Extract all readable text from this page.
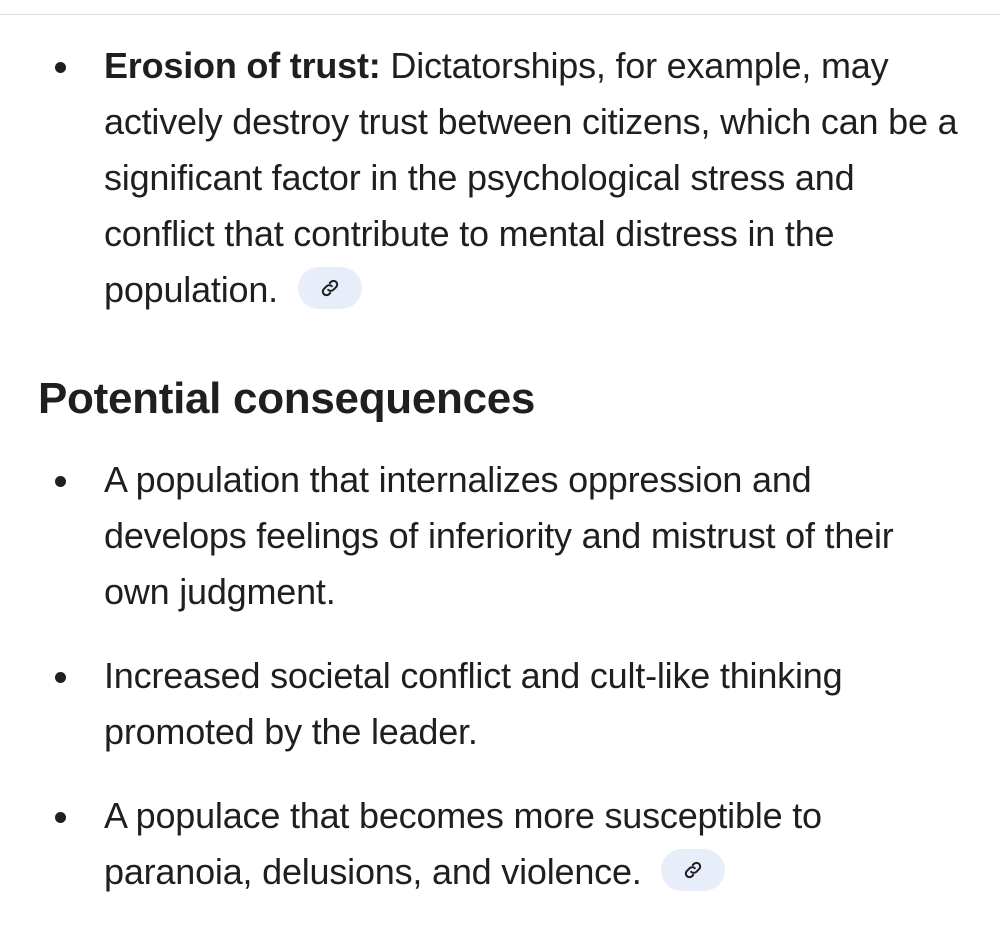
Erosion of trust: Dictatorships, for example, may actively destroy trust between citizens, which can be a significant factor in the psychological stress and conflict that contribute to mental distress in the population.
Potential consequences
A population that internalizes oppression and develops feelings of inferiority and mistrust of their own judgment.
Increased societal conflict and cult-like thinking promoted by the leader.
A populace that becomes more susceptible to paranoia, delusions, and violence.
